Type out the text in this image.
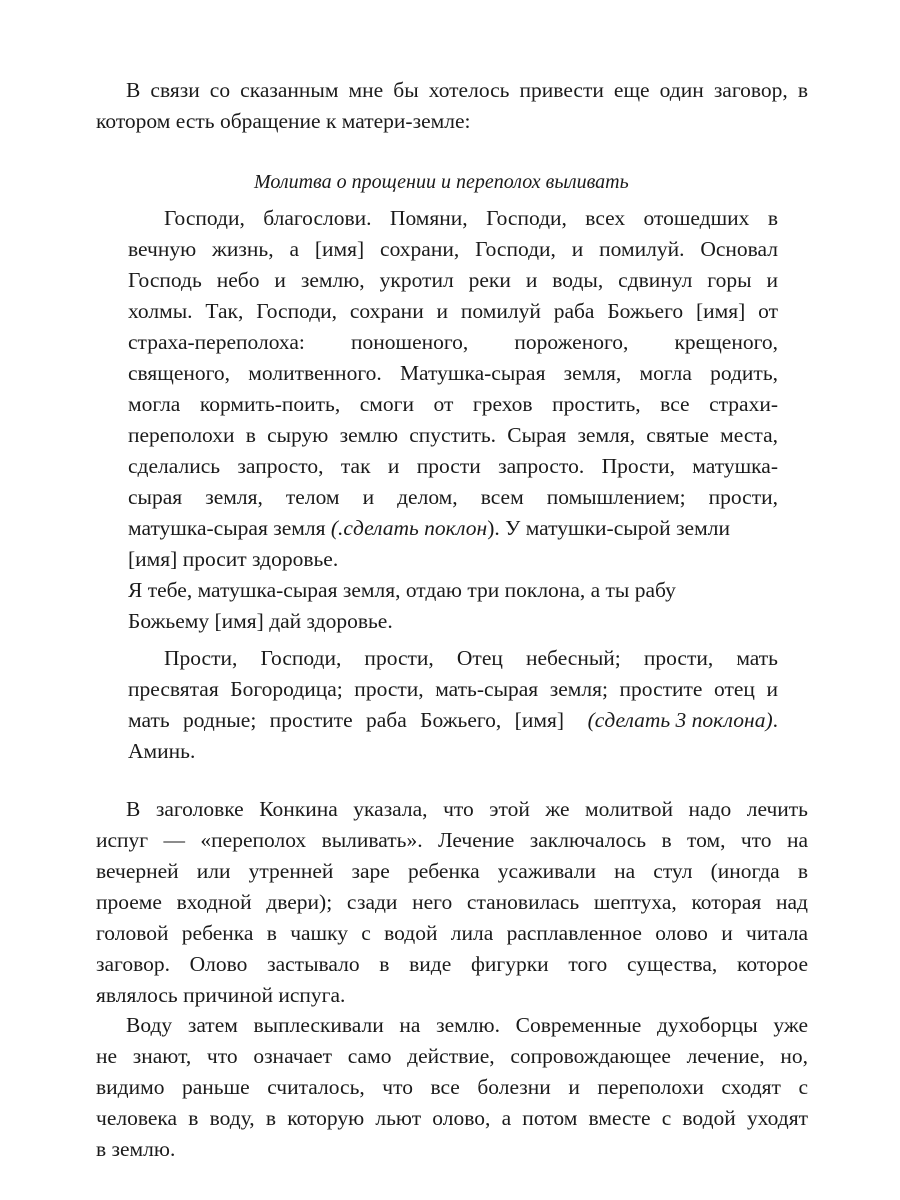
В связи со сказанным мне бы хотелось привести еще один заговор, в
котором есть обращение к матери-земле:
Молитва о прощении и переполох выливать
Господи, благослови. Помяни, Господи, всех отошедших в
вечную жизнь, а [имя] сохрани, Господи, и помилуй. Основал
Господь небо и землю, укротил реки и воды, сдвинул горы и
холмы. Так, Господи, сохрани и помилуй раба Божьего [имя] от
страха-переполоха: поношеного, пороженого, крещеного,
священого, молитвенного. Матушка-сырая земля, могла родить,
могла кормить-поить, смоги от грехов простить, все страхи-
переполохи в сырую землю спустить. Сырая земля, святые места,
сделались запросто, так и прости запросто. Прости, матушка-
сырая земля, телом и делом, всем помышлением; прости,
матушка-сырая земля (.сделать поклон). У матушки-сырой земли
[имя] просит здоровье.
Я тебе, матушка-сырая земля, отдаю три поклона, а ты рабу
Божьему [имя] дай здоровье.
Прости, Господи, прости, Отец небесный; прости, мать
пресвятая Богородица; прости, мать-сырая земля; простите отец и
мать родные; простите раба Божьего, [имя] (сделать 3 поклона).
Аминь.
В заголовке Конкина указала, что этой же молитвой надо лечить
испуг — «переполох выливать». Лечение заключалось в том, что на
вечерней или утренней заре ребенка усаживали на стул (иногда в
проеме входной двери); сзади него становилась шептуха, которая над
головой ребенка в чашку с водой лила расплавленное олово и читала
заговор. Олово застывало в виде фигурки того существа, которое
являлось причиной испуга.
Воду затем выплескивали на землю. Современные духоборцы уже
не знают, что означает само действие, сопровождающее лечение, но,
видимо раньше считалось, что все болезни и переполохи сходят с
человека в воду, в которую льют олово, а потом вместе с водой уходят
в землю.
